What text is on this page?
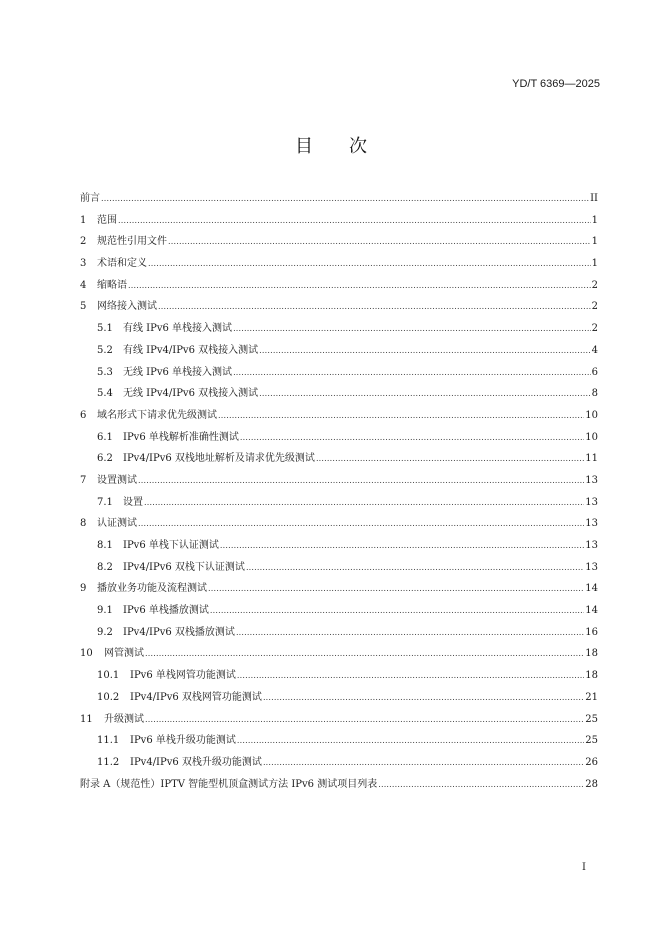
YD/T 6369—2025
目次
前言 .....	II
1	范围 .....	1
2	规范性引用文件 .....	1
3	术语和定义 .....	1
4	缩略语 .....	2
5	网络接入测试 .....	2
5.1	有线 IPv6 单栈接入测试 .....	2
5.2	有线 IPv4/IPv6 双栈接入测试 .....	4
5.3	无线 IPv6 单栈接入测试 .....	6
5.4	无线 IPv4/IPv6 双栈接入测试 .....	8
6	域名形式下请求优先级测试 .....	10
6.1	IPv6 单栈解析准确性测试 .....	10
6.2	IPv4/IPv6 双栈地址解析及请求优先级测试 .....	11
7	设置测试 .....	13
7.1	设置 .....	13
8	认证测试 .....	13
8.1	IPv6 单栈下认证测试 .....	13
8.2	IPv4/IPv6 双栈下认证测试 .....	13
9	播放业务功能及流程测试 .....	14
9.1	IPv6 单栈播放测试 .....	14
9.2	IPv4/IPv6 双栈播放测试 .....	16
10	网管测试 .....	18
10.1	IPv6 单栈网管功能测试 .....	18
10.2	IPv4/IPv6 双栈网管功能测试 .....	21
11	升级测试 .....	25
11.1	IPv6 单栈升级功能测试 .....	25
11.2	IPv4/IPv6 双栈升级功能测试 .....	26
附录 A（规范性）IPTV 智能型机顶盒测试方法 IPv6 测试项目列表 .....	28
I
